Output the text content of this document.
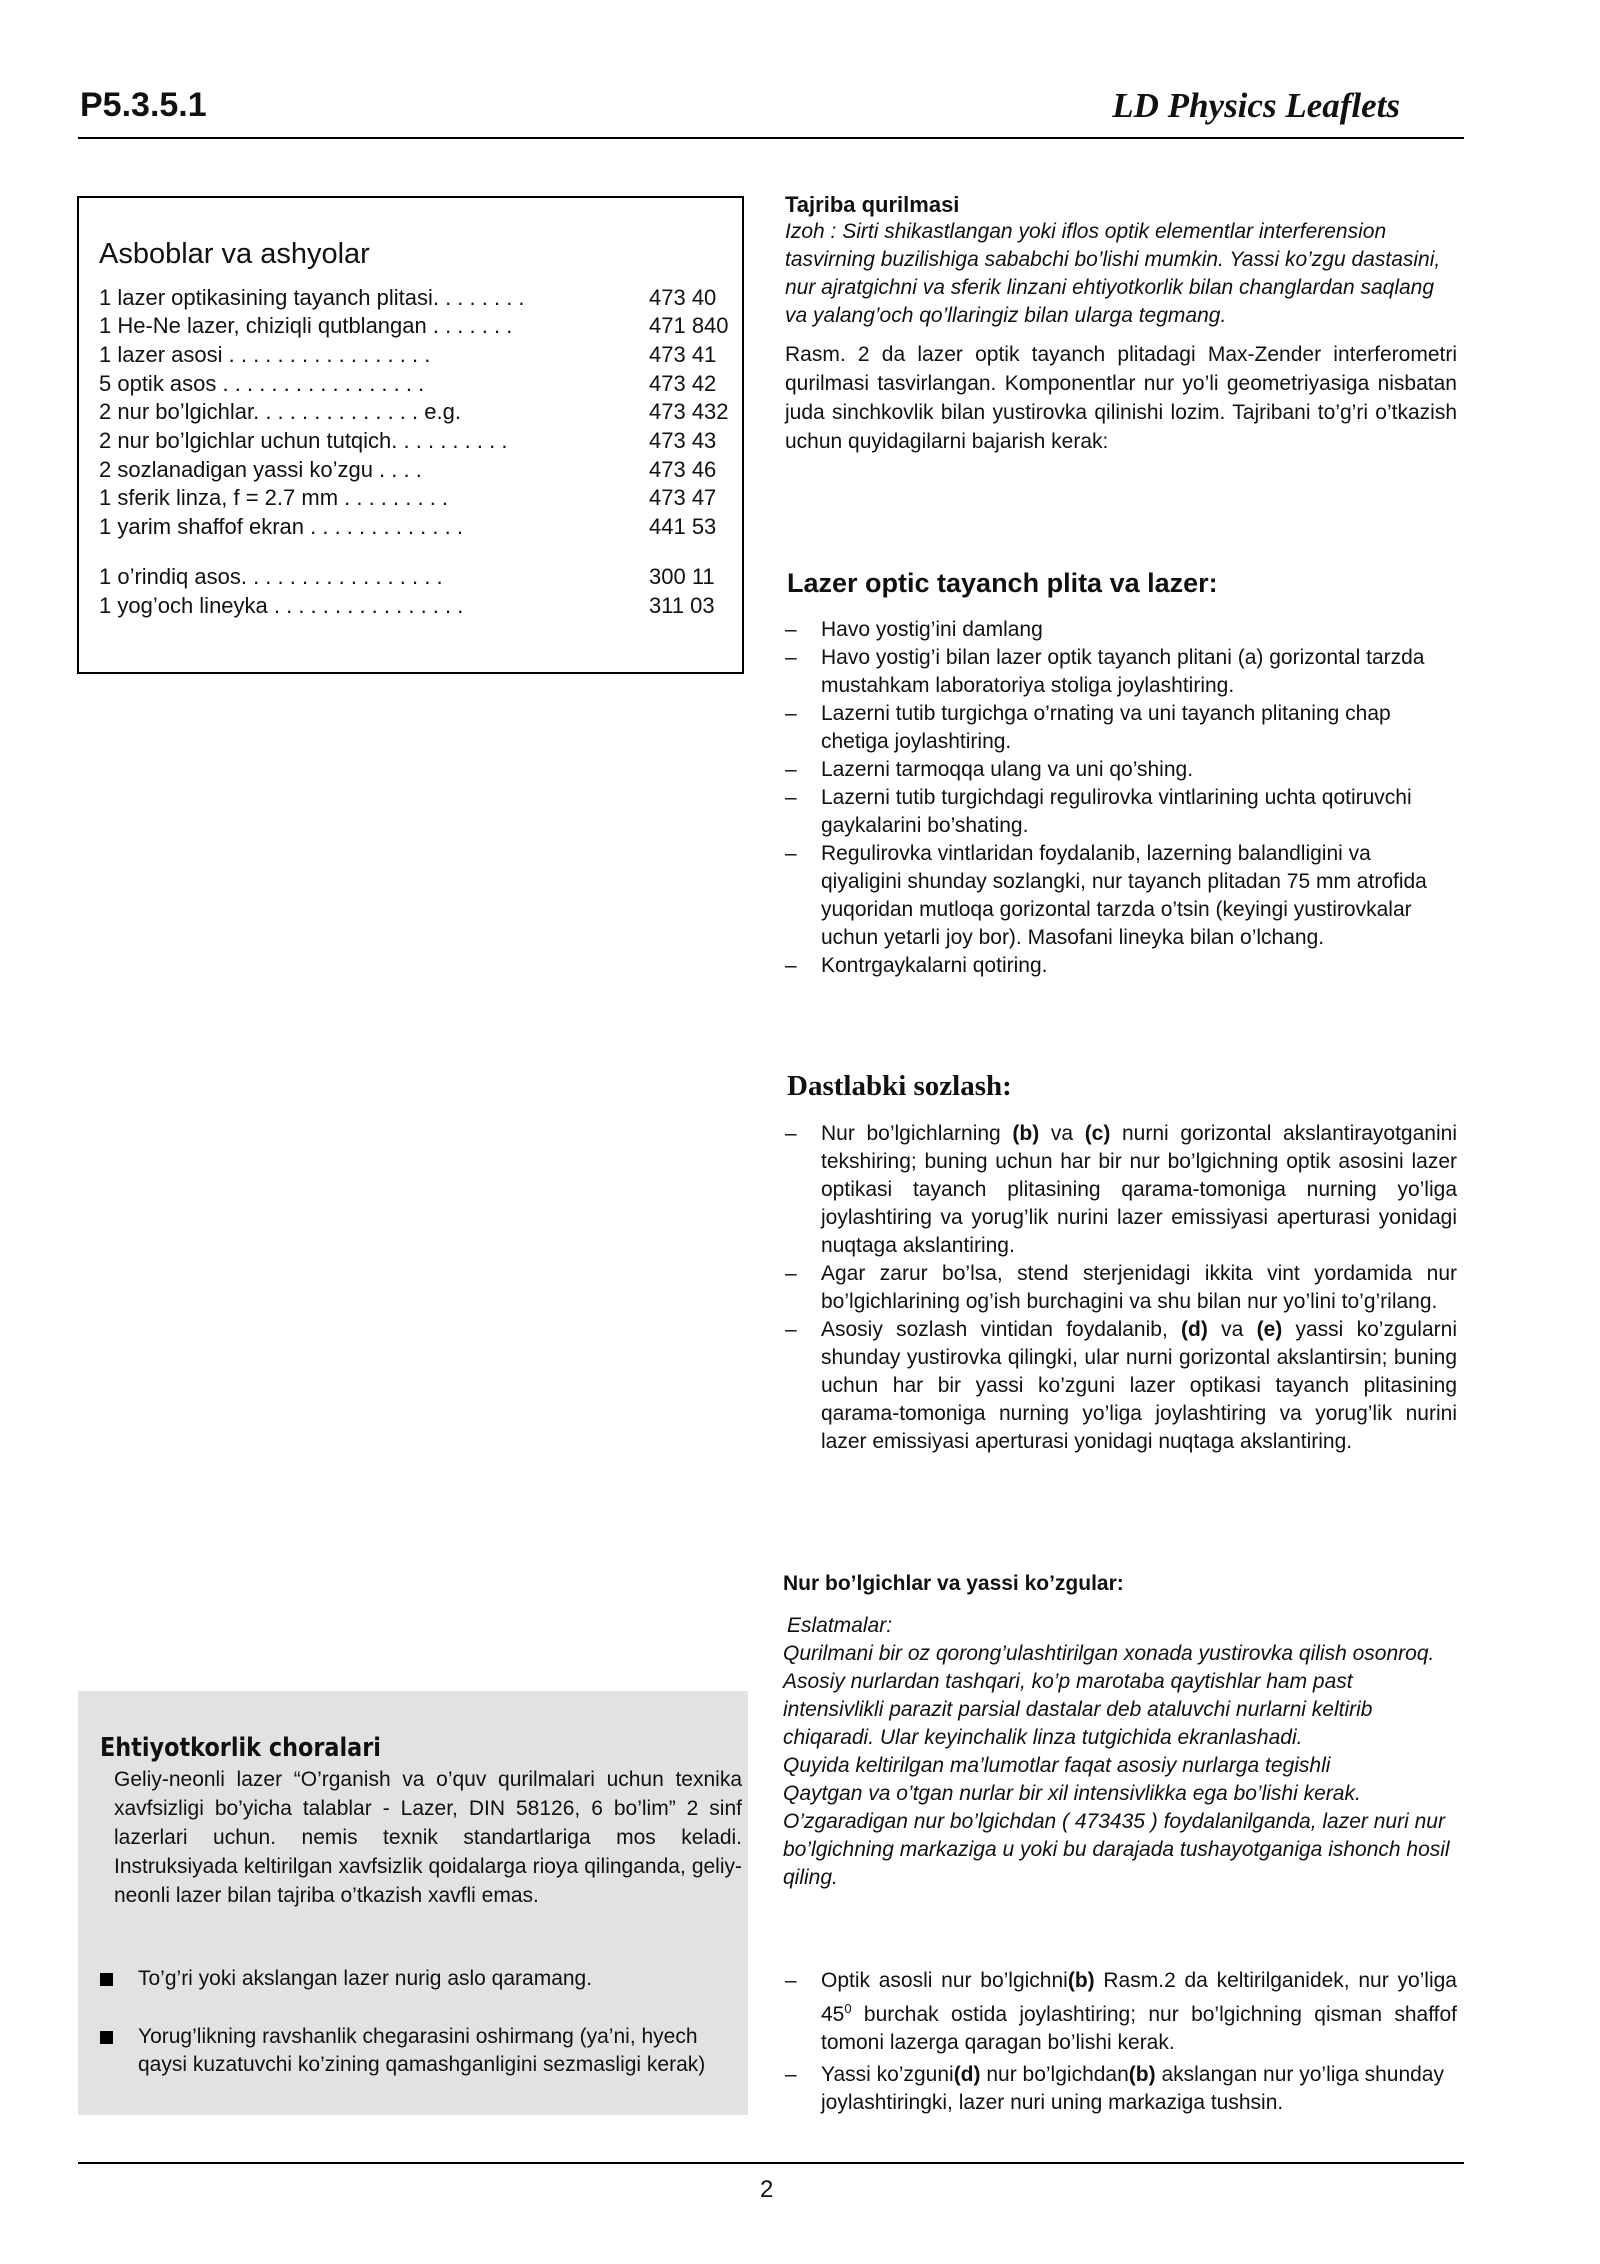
P5.3.5.1	LD Physics Leaflets
Asboblar va ashyolar
1 lazer optikasining tayanch plitasi. . . . . . . .	473 40
1 He-Ne lazer, chiziqli qutblangan . . . . . . .	471 840
1 lazer asosi . . . . . . . . . . . . . . . . .	473 41
5 optik asos . . . . . . . . . . . . . . . . .	473 42
2 nur bo’lgichlar. . . . . . . . . . . . . . e.g.	473 432
2 nur bo’lgichlar uchun tutqich. . . . . . . . . .	473 43
2 sozlanadigan yassi ko’zgu . . . .	473 46
1 sferik linza, f = 2.7 mm . . . . . . . . .	473 47
1 yarim shaffof ekran . . . . . . . . . . . . .	441 53
1 o’rindiq asos. . . . . . . . . . . . . . . . .	300 11
1 yog’och lineyka . . . . . . . . . . . . . . . .	311 03
Ehtiyotkorlik choralari
Geliy-neonli lazer “O’rganish va o’quv qurilmalari uchun texnika xavfsizligi bo’yicha talablar - Lazer, DIN 58126, 6 bo’lim” 2 sinf lazerlari uchun. nemis texnik standartlariga mos keladi. Instruksiyada keltirilgan xavfsizlik qoidalarga rioya qilinganda, geliy-neonli lazer bilan tajriba o’tkazish xavfli emas.
To’g’ri yoki akslangan lazer nurig aslo qaramang.
Yorug’likning ravshanlik chegarasini oshirmang (ya’ni, hyech qaysi kuzatuvchi ko’zining qamashganligini sezmasligi kerak)
Tajriba qurilmasi
Izoh : Sirti shikastlangan yoki iflos optik elementlar interferension tasvirning buzilishiga sababchi bo’lishi mumkin. Yassi ko’zgu dastasini, nur ajratgichni va sferik linzani ehtiyotkorlik bilan changlardan saqlang va yalang’och qo’llaringiz bilan ularga tegmang.
Rasm. 2 da lazer optik tayanch plitadagi Max-Zender interferometri qurilmasi tasvirlangan. Komponentlar nur yo’li geometriyasiga nisbatan juda sinchkovlik bilan yustirovka qilinishi lozim. Tajribani to’g’ri o’tkazish uchun quyidagilarni bajarish kerak:
Lazer optic tayanch plita va lazer:
– Havo yostig’ini damlang
– Havo yostig’i bilan lazer optik tayanch plitani (a) gorizontal tarzda mustahkam laboratoriya stoliga joylashtiring.
– Lazerni tutib turgichga o’rnating va uni tayanch plitaning chap chetiga joylashtiring.
– Lazerni tarmoqqa ulang va uni qo’shing.
– Lazerni tutib turgichdagi regulirovka vintlarining uchta qotiruvchi gaykalarini bo’shating.
– Regulirovka vintlaridan foydalanib, lazerning balandligini va qiyaligini shunday sozlangki, nur tayanch plitadan 75 mm atrofida yuqoridan mutloqa gorizontal tarzda o’tsin (keyingi yustirovkalar uchun yetarli joy bor). Masofani lineyka bilan o’lchang.
– Kontrgaykalarni qotiring.
Dastlabki sozlash:
– Nur bo’lgichlarning (b) va (c) nurni gorizontal akslantirayotganini tekshiring; buning uchun har bir nur bo’lgichning optik asosini lazer optikasi tayanch plitasining qarama-tomoniga nurning yo’liga joylashtiring va yorug’lik nurini lazer emissiyasi aperturasi yonidagi nuqtaga akslantiring.
– Agar zarur bo’lsa, stend sterjenidagi ikkita vint yordamida nur bo’lgichlarining og’ish burchagini va shu bilan nur yo’lini to’g’rilang.
– Asosiy sozlash vintidan foydalanib, (d) va (e) yassi ko’zgularni shunday yustirovka qilingki, ular nurni gorizontal akslantirsin; buning uchun har bir yassi ko’zguni lazer optikasi tayanch plitasining qarama-tomoniga nurning yo’liga joylashtiring va yorug’lik nurini lazer emissiyasi aperturasi yonidagi nuqtaga akslantiring.
Nur bo’lgichlar va yassi ko’zgular:
Eslatmalar:
Qurilmani bir oz qorong’ulashtirilgan xonada yustirovka qilish osonroq.
Asosiy nurlardan tashqari, ko’p marotaba qaytishlar ham past intensivlikli parazit parsial dastalar deb ataluvchi nurlarni keltirib chiqaradi. Ular keyinchalik linza tutgichida ekranlashadi.
Quyida keltirilgan ma’lumotlar faqat asosiy nurlarga tegishli
Qaytgan va o’tgan nurlar bir xil intensivlikka ega bo’lishi kerak. O’zgaradigan nur bo’lgichdan ( 473435 ) foydalanilganda, lazer nuri nur bo’lgichning markaziga u yoki bu darajada tushayotganiga ishonch hosil qiling.
– Optik asosli nur bo’lgichni(b) Rasm.2 da keltirilganidek, nur yo’liga $45^0$ burchak ostida joylashtiring; nur bo’lgichning qisman shaffof tomoni lazerga qaragan bo’lishi kerak.
– Yassi ko’zguni(d) nur bo’lgichdan(b) akslangan nur yo’liga shunday joylashtiringki, lazer nuri uning markaziga tushsin.
2
